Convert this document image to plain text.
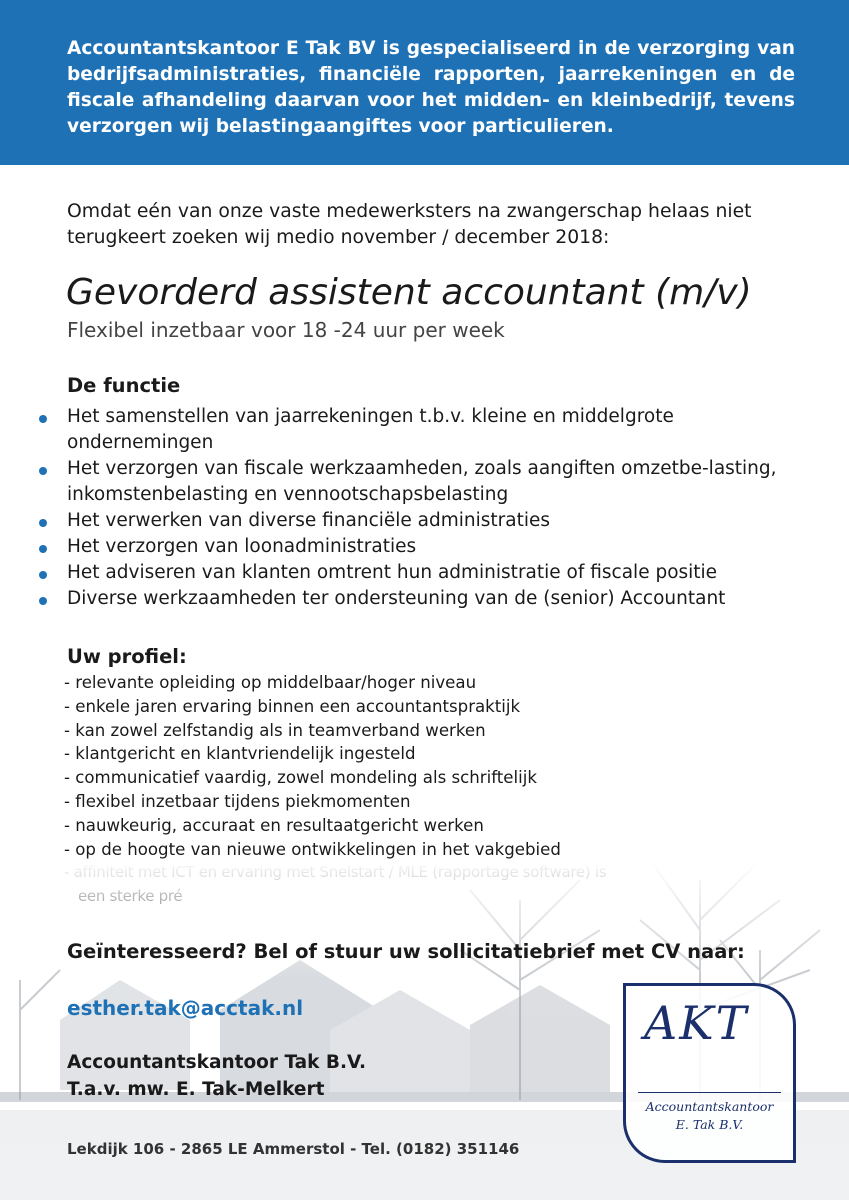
Accountantskantoor E Tak BV is gespecialiseerd in de verzorging van bedrijfsadministraties, financiële rapporten, jaarrekeningen en de fiscale afhandeling daarvan voor het midden- en kleinbedrijf, tevens verzorgen wij belastingaangiftes voor particulieren.
Omdat eén van onze vaste medewerksters na zwangerschap helaas niet terugkeert zoeken wij medio november / december 2018:
Gevorderd assistent accountant (m/v)
Flexibel inzetbaar voor 18 -24 uur per week
De functie
Het samenstellen van jaarrekeningen t.b.v. kleine en middelgrote ondernemingen
Het verzorgen van fiscale werkzaamheden, zoals aangiften omzetbe-lasting, inkomstenbelasting en vennootschapsbelasting
Het verwerken van diverse financiële administraties
Het verzorgen van loonadministraties
Het adviseren van klanten omtrent hun administratie of fiscale positie
Diverse werkzaamheden ter ondersteuning van de (senior) Accountant
Uw profiel:
- relevante opleiding op middelbaar/hoger niveau
- enkele jaren ervaring binnen een accountantspraktijk
- kan zowel zelfstandig als in teamverband werken
- klantgericht en klantvriendelijk ingesteld
- communicatief vaardig, zowel mondeling als schriftelijk
- flexibel inzetbaar tijdens piekmomenten
- nauwkeurig, accuraat en resultaatgericht werken
- op de hoogte van nieuwe ontwikkelingen in het vakgebied
Geïnteresseerd? Bel of stuur uw sollicitatiebrief met CV naar:
esther.tak@acctak.nl
Accountantskantoor Tak B.V.
T.a.v. mw. E. Tak-Melkert
Lekdijk 106 - 2865 LE Ammerstol - Tel. (0182) 351146
AKT
Accountantskantoor
E. Tak B.V.
